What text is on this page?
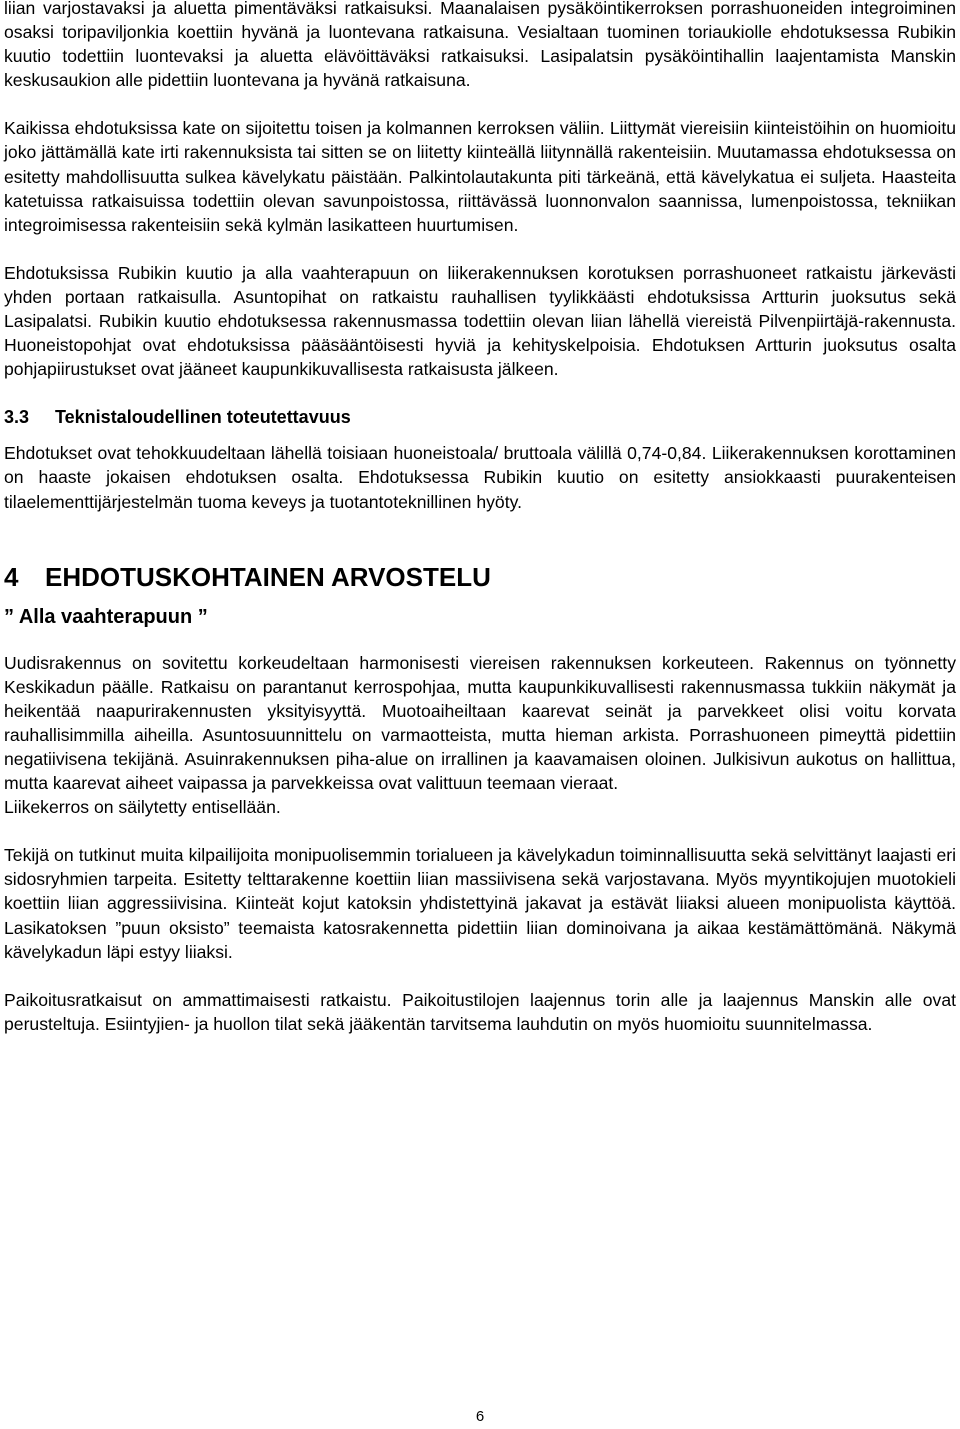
liian varjostavaksi ja aluetta pimentäväksi ratkaisuksi. Maanalaisen pysäköintikerroksen porrashuoneiden integroiminen osaksi toripaviljonkia koettiin hyvänä ja luontevana ratkaisuna. Vesialtaan tuominen toriaukiolle ehdotuksessa Rubikin kuutio todettiin luontevaksi ja aluetta elävöittäväksi ratkaisuksi. Lasipalatsin pysäköintihallin laajentamista Manskin keskusaukion alle pidettiin luontevana ja hyvänä ratkaisuna.

Kaikissa ehdotuksissa kate on sijoitettu toisen ja kolmannen kerroksen väliin. Liittymät viereisiin kiinteistöihin on huomioitu joko jättämällä kate irti rakennuksista tai sitten se on liitetty kiinteällä liitynnällä rakenteisiin. Muutamassa ehdotuksessa on esitetty mahdollisuutta sulkea kävelykatu päistään. Palkintolautakunta piti tärkeänä, että kävelykatua ei suljeta. Haasteita katetuissa ratkaisuissa todettiin olevan savunpoistossa, riittävässä luonnonvalon saannissa, lumenpoistossa, tekniikan integroimisessa rakenteisiin sekä kylmän lasikatteen huurtumisen.

Ehdotuksissa Rubikin kuutio ja alla vaahterapuun on liikerakennuksen korotuksen porrashuoneet ratkaistu järkevästi yhden portaan ratkaisulla. Asuntopihat on ratkaistu rauhallisen tyylikkäästi ehdotuksissa Artturin juoksutus sekä Lasipalatsi. Rubikin kuutio ehdotuksessa rakennusmassa todettiin olevan liian lähellä viereistä Pilvenpiirtäjä-rakennusta. Huoneistopohjat ovat ehdotuksissa pääsääntöisesti hyviä ja kehityskelpoisia. Ehdotuksen Artturin juoksutus osalta pohjapiirustukset ovat jääneet kaupunkikuvallisesta ratkaisusta jälkeen.

3.3 Teknistaloudellinen toteutettavuus

Ehdotukset ovat tehokkuudeltaan lähellä toisiaan huoneistoala/ bruttoala välillä 0,74-0,84. Liikerakennuksen korottaminen on haaste jokaisen ehdotuksen osalta. Ehdotuksessa Rubikin kuutio on esitetty ansiokkaasti puurakenteisen tilaelementtijärjestelmän tuoma keveys ja tuotantoteknillinen hyöty.

4 EHDOTUSKOHTAINEN ARVOSTELU
” Alla vaahterapuun ”

Uudisrakennus on sovitettu korkeudeltaan harmonisesti viereisen rakennuksen korkeuteen. Rakennus on työnnetty Keskikadun päälle. Ratkaisu on parantanut kerrospohjaa, mutta kaupunkikuvallisesti rakennusmassa tukkiin näkymät ja heikentää naapurirakennusten yksityisyyttä. Muotoaiheiltaan kaarevat seinät ja parvekkeet olisi voitu korvata rauhallisimmilla aiheilla. Asuntosuunnittelu on varmaotteista, mutta hieman arkista. Porrashuoneen pimeyttä pidettiin negatiivisena tekijänä. Asuinrakennuksen piha-alue on irrallinen ja kaavamaisen oloinen. Julkisivun aukotus on hallittua, mutta kaarevat aiheet vaipassa ja parvekkeissa ovat valittuun teemaan vieraat.

Liikekerros on säilytetty entisellään.

Tekijä on tutkinut muita kilpailijoita monipuolisemmin torialueen ja kävelykadun toiminnallisuutta sekä selvittänyt laajasti eri sidosryhmien tarpeita. Esitetty telttarakenne koettiin liian massiivisena sekä varjostavana. Myös myyntikojujen muotokieli koettiin liian aggressiivisina. Kiinteät kojut katoksin yhdistettyinä jakavat ja estävät liiaksi alueen monipuolista käyttöä. Lasikatoksen ”puun oksisto” teemaista katosrakennetta pidettiin liian dominoivana ja aikaa kestämättömänä. Näkymä kävelykadun läpi estyy liiaksi.

Paikoitusratkaisut on ammattimaisesti ratkaistu. Paikoitustilojen laajennus torin alle ja laajennus Manskin alle ovat perusteltuja. Esiintyjien- ja huollon tilat sekä jääkentän tarvitsema lauhdutin on myös huomioitu suunnitelmassa.

6
